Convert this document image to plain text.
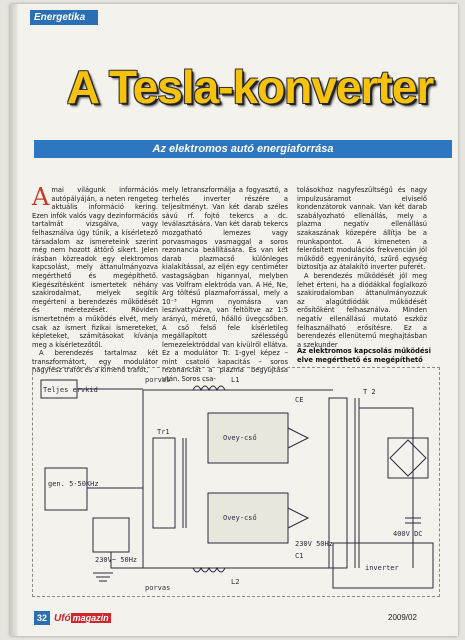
Energetika
A Tesla-konverter
Az elektromos autó energiaforrása

Amai világunk információs autópályáján, a neten rengeteg aktuális információ kering. Ezen infók valós vagy dezinformációs tartalmát vizsgálva, vagy felhasználva úgy tűnik, a kísérletező társadalom az ismereteink szerint még nem hozott áttörő sikert. Jelen írásban közreadok egy elektromos kapcsolást, mely áttanulmányozva megérthető és megépíthető. Kiegészítésként ismertetek néhány szakirodalmat, melyek segítik megérteni a berendezés működését és méretezését. Röviden ismertetném a működés elvét, mely csak az ismert fizikai ismereteket, képleteket, számításokat kívánja meg a kísérletezőtől.

A berendezés tartalmaz két transzformátort, egy modulátor nagyfesz trafót és a kimenő trafót,

mely letranszformálja a fogyasztó, a terhelés inverter részére a teljesítményt. Van két darab széles sávú rf. fojtó tekercs a dc. leválasztására. Van két darab tekercs mozgatható lemezes vagy porvasmagos vasmaggal a soros rezonancia beállítására. És van két darab plazmacső különleges kialakítással, az eljén egy centiméter vastagságban higannyal, melyben vas Volfram elektróda van. A Hé, Ne, Arg töltésű plazmaforrással, mely a 10⁻³ Hgmm nyomásra van leszivattyúzva, van feltöltve az 1:5 arányú, méretű, hőálló üvegcsőben. A cső felső fele kísérletileg megállapított szélességű lemezelektróddal van kívülről ellátva. Ez a modulátor Tr. 1-gyel képez – mint csatoló kapacitás – soros rezonanciát a plazma begyújtása után. Soros csa-

tolásokhoz nagyfeszültségű és nagy impulzusáramot elviselő kondenzátorok vannak. Van két darab szabályozható ellenállás, mely a plazma negatív ellenállású szakaszának közepére állítja be a munkapontot. A kimeneten a felerősített modulációs frekvencián jól működő egyenirányító, szűrő egység biztosítja az átalakító inverter puferét.

A berendezés működését jól meg lehet érteni, ha a diódákkal foglalkozó szakirodalomban áttanulmányozzuk az alagútdiódák működését erősítőként felhasználva. Minden negatív ellenállású mutató eszköz felhasználható erősítésre. Ez a berendezés ellenütemű meghajtásban a szekunder

Az elektromos kapcsolás működési elve megérthető és megépíthető
porvas
porvas
L1
L2
Tr1
T 2
CE
C1
Teljes ervkid
gen. 5-50KHz
230V~ 50Hz
400V DC
230V 50Hz
inverter
Ovey-cső
Ovey-cső
32 Ufó magazin	2009/02
